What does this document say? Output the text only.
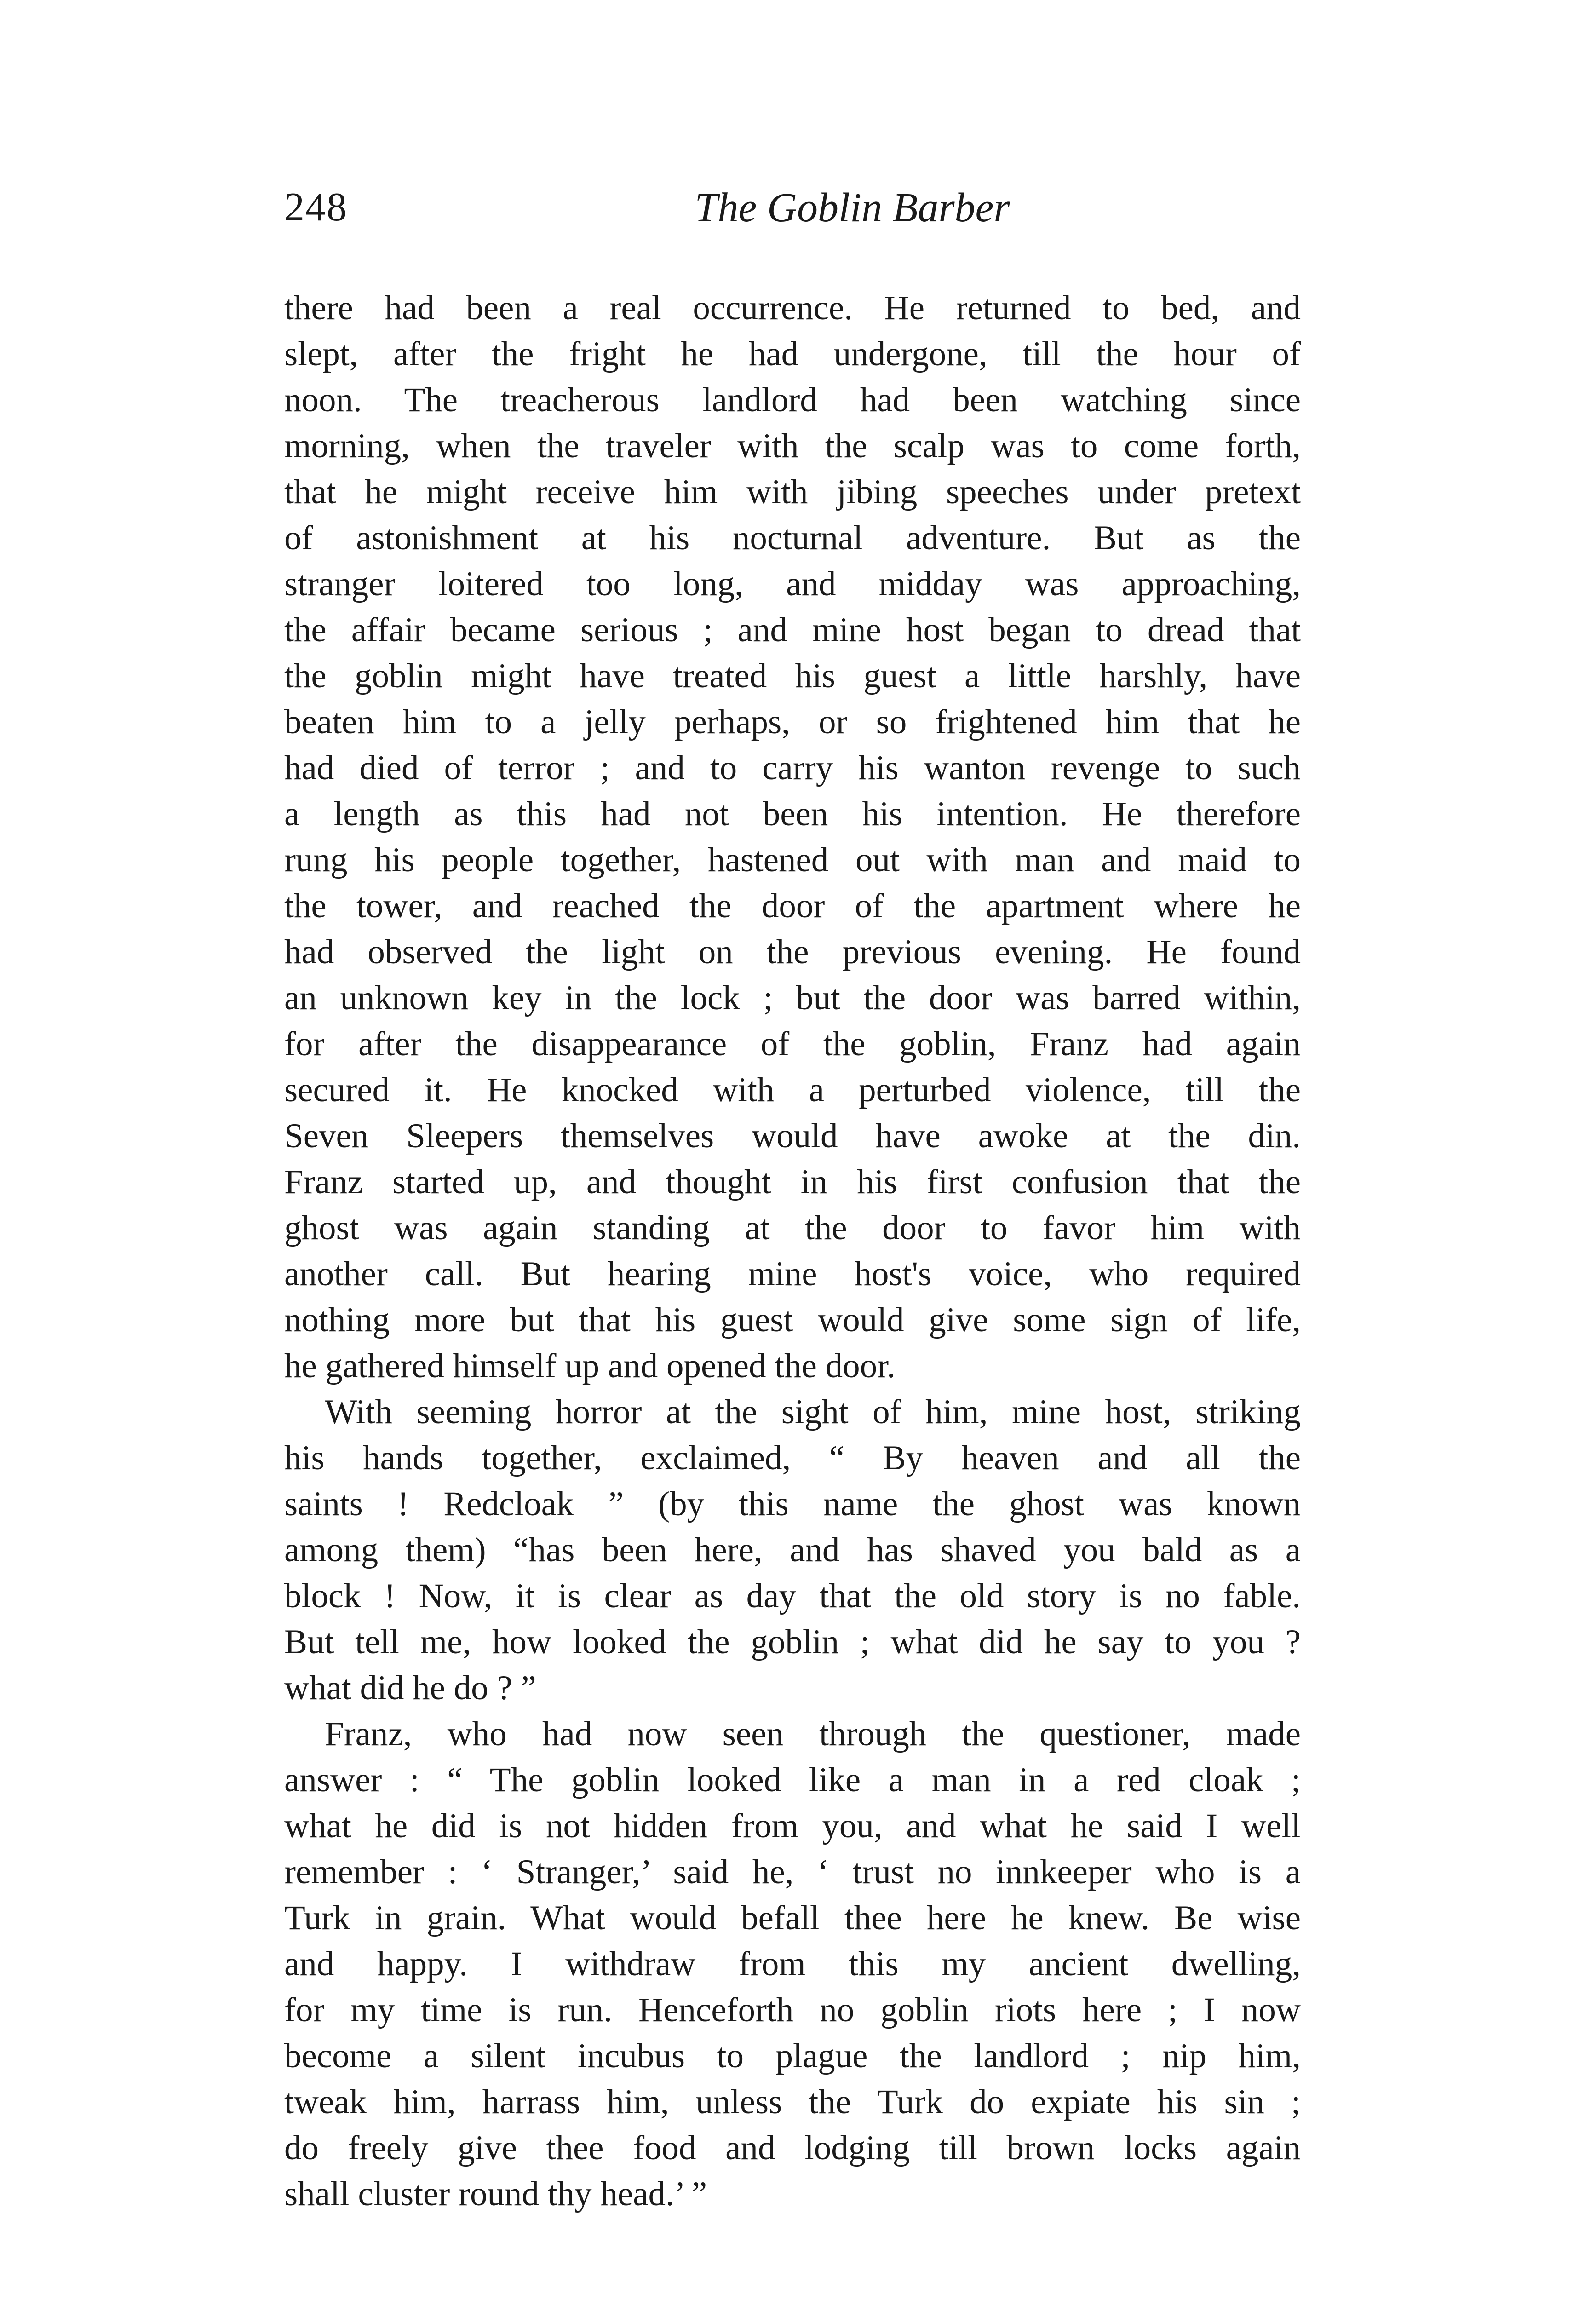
248	The Goblin Barber
there had been a real occurrence. He returned to bed, and
slept, after the fright he had undergone, till the hour of
noon. The treacherous landlord had been watching since
morning, when the traveler with the scalp was to come forth,
that he might receive him with jibing speeches under pretext
of astonishment at his nocturnal adventure. But as the
stranger loitered too long, and midday was approaching,
the affair became serious ; and mine host began to dread that
the goblin might have treated his guest a little harshly, have
beaten him to a jelly perhaps, or so frightened him that he
had died of terror ; and to carry his wanton revenge to such
a length as this had not been his intention. He therefore
rung his people together, hastened out with man and maid to
the tower, and reached the door of the apartment where he
had observed the light on the previous evening. He found
an unknown key in the lock ; but the door was barred within,
for after the disappearance of the goblin, Franz had again
secured it. He knocked with a perturbed violence, till the
Seven Sleepers themselves would have awoke at the din.
Franz started up, and thought in his first confusion that the
ghost was again standing at the door to favor him with
another call. But hearing mine host's voice, who required
nothing more but that his guest would give some sign of life,
he gathered himself up and opened the door.
With seeming horror at the sight of him, mine host, striking
his hands together, exclaimed, “ By heaven and all the
saints ! Redcloak ” (by this name the ghost was known
among them) “has been here, and has shaved you bald as a
block ! Now, it is clear as day that the old story is no fable.
But tell me, how looked the goblin ; what did he say to you ?
what did he do ? ”
Franz, who had now seen through the questioner, made
answer : “ The goblin looked like a man in a red cloak ;
what he did is not hidden from you, and what he said I well
remember : ‘ Stranger,’ said he, ‘ trust no innkeeper who is a
Turk in grain. What would befall thee here he knew. Be wise
and happy. I withdraw from this my ancient dwelling,
for my time is run. Henceforth no goblin riots here ; I now
become a silent incubus to plague the landlord ; nip him,
tweak him, harrass him, unless the Turk do expiate his sin ;
do freely give thee food and lodging till brown locks again
shall cluster round thy head.’ ”
